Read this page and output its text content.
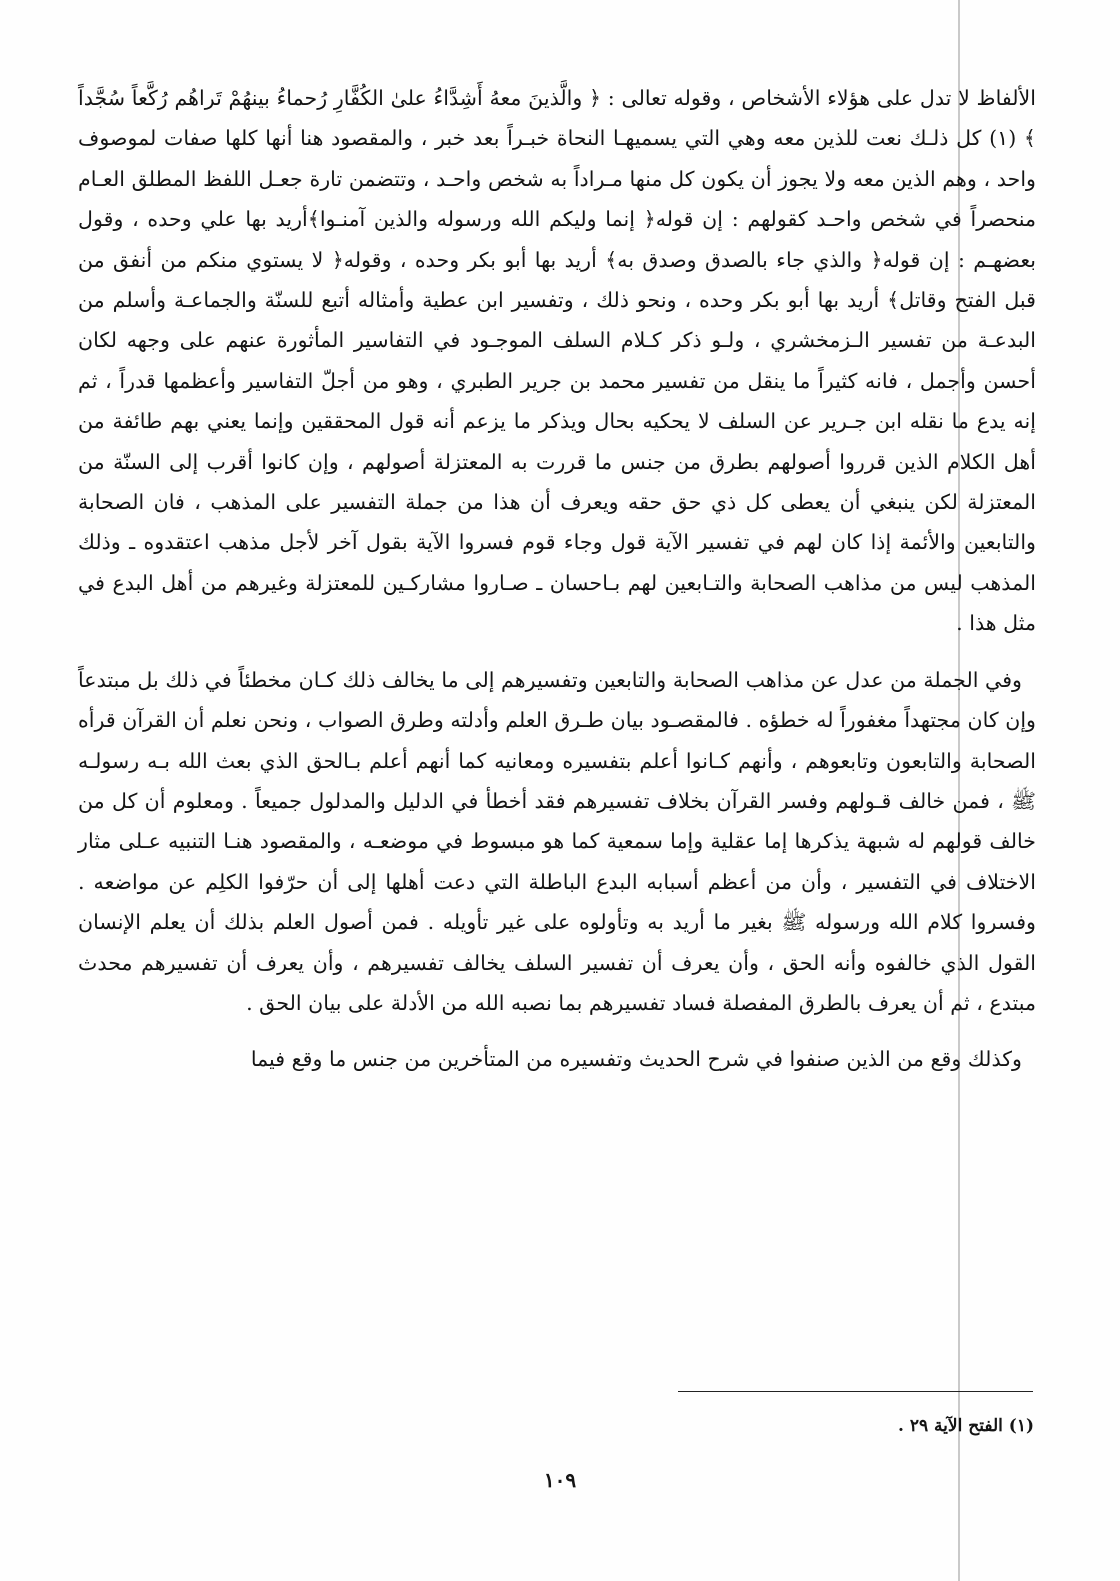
الألفاظ لا تدل على هؤلاء الأشخاص ، وقوله تعالى : ﴿ والَّذينَ معهُ أَشِدَّاءُ علىٰ الكُفَّارِ رُحماءُ بينهُمْ تَراهُم رُكَّعاً سُجَّداً ﴾ (١) كل ذلـك نعت للذين معه وهي التي يسميهـا النحاة خبـراً بعد خبر ، والمقصود هنا أنها كلها صفات لموصوف واحد ، وهم الذين معه ولا يجوز أن يكون كل منها مـراداً به شخص واحـد ، وتتضمن تارة جعـل اللفظ المطلق العـام منحصراً في شخص واحـد كقولهم : إن قوله﴿ إنما وليكم الله ورسوله والذين آمنـوا﴾أريد بها علي وحده ، وقول بعضهـم : إن قوله﴿ والذي جاء بالصدق وصدق به﴾ أريد بها أبو بكر وحده ، وقوله﴿ لا يستوي منكم من أنفق من قبل الفتح وقاتل﴾ أريد بها أبو بكر وحده ، ونحو ذلك ، وتفسير ابن عطية وأمثاله أتبع للسنّة والجماعـة وأسلم من البدعـة من تفسير الـزمخشري ، ولـو ذكر كـلام السلف الموجـود في التفاسير المأثورة عنهم على وجهه لكان أحسن وأجمل ، فانه كثيراً ما ينقل من تفسير محمد بن جرير الطبري ، وهو من أجلّ التفاسير وأعظمها قدراً ، ثم إنه يدع ما نقله ابن جـرير عن السلف لا يحكيه بحال ويذكر ما يزعم أنه قول المحققين وإنما يعني بهم طائفة من أهل الكلام الذين قرروا أصولهم بطرق من جنس ما قررت به المعتزلة أصولهم ، وإن كانوا أقرب إلى السنّة من المعتزلة لكن ينبغي أن يعطى كل ذي حق حقه ويعرف أن هذا من جملة التفسير على المذهب ، فان الصحابة والتابعين والأئمة إذا كان لهم في تفسير الآية قول وجاء قوم فسروا الآية بقول آخر لأجل مذهب اعتقدوه ـ وذلك المذهب ليس من مذاهب الصحابة والتـابعين لهم بـاحسان ـ صـاروا مشاركـين للمعتزلة وغيرهم من أهل البدع في مثل هذا .

وفي الجملة من عدل عن مذاهب الصحابة والتابعين وتفسيرهم إلى ما يخالف ذلك كـان مخطئاً في ذلك بل مبتدعاً وإن كان مجتهداً مغفوراً له خطؤه . فالمقصـود بيان طـرق العلم وأدلته وطرق الصواب ، ونحن نعلم أن القرآن قرأه الصحابة والتابعون وتابعوهم ، وأنهم كـانوا أعلم بتفسيره ومعانيه كما أنهم أعلم بـالحق الذي بعث الله بـه رسولـه ﷺ ، فمن خالف قـولهم وفسر القرآن بخلاف تفسيرهم فقد أخطأ في الدليل والمدلول جميعاً . ومعلوم أن كل من خالف قولهم له شبهة يذكرها إما عقلية وإما سمعية كما هو مبسوط في موضعـه ، والمقصود هنـا التنبيه عـلى مثار الاختلاف في التفسير ، وأن من أعظم أسبابه البدع الباطلة التي دعت أهلها إلى أن حرّفوا الكلِم عن مواضعه . وفسروا كلام الله ورسوله ﷺ بغير ما أريد به وتأولوه على غير تأويله . فمن أصول العلم بذلك أن يعلم الإنسان القول الذي خالفوه وأنه الحق ، وأن يعرف أن تفسير السلف يخالف تفسيرهم ، وأن يعرف أن تفسيرهم محدث مبتدع ، ثم أن يعرف بالطرق المفصلة فساد تفسيرهم بما نصبه الله من الأدلة على بيان الحق .

وكذلك وقع من الذين صنفوا في شرح الحديث وتفسيره من المتأخرين من جنس ما وقع فيما

(١) الفتح الآية ٢٩ .
١٠٩
